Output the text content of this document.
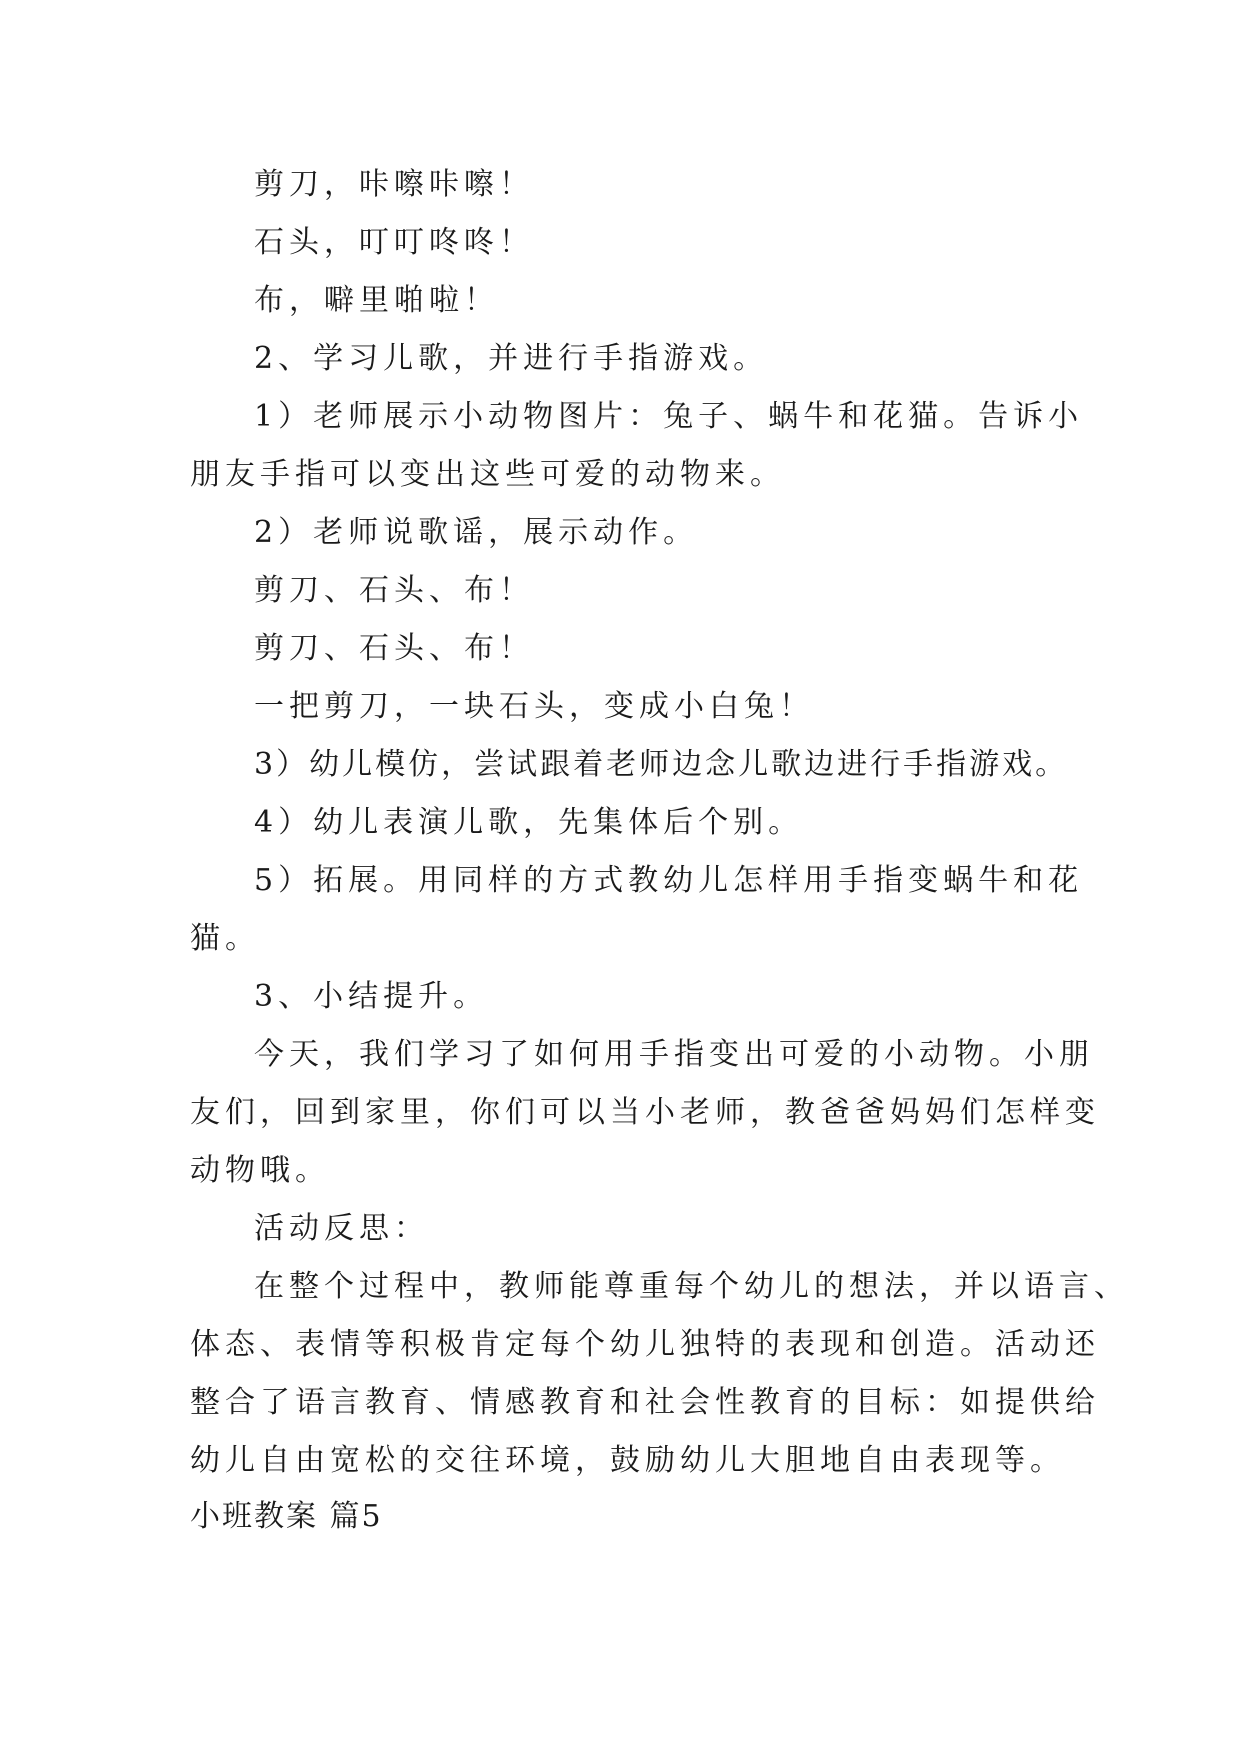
剪刀，咔嚓咔嚓！
石头，叮叮咚咚！
布，噼里啪啦！
2、学习儿歌，并进行手指游戏。
1）老师展示小动物图片：兔子、蜗牛和花猫。告诉小
朋友手指可以变出这些可爱的动物来。
2）老师说歌谣，展示动作。
剪刀、石头、布！
剪刀、石头、布！
一把剪刀，一块石头，变成小白兔！
3）幼儿模仿，尝试跟着老师边念儿歌边进行手指游戏。
4）幼儿表演儿歌，先集体后个别。
5）拓展。用同样的方式教幼儿怎样用手指变蜗牛和花
猫。
3、小结提升。
今天，我们学习了如何用手指变出可爱的小动物。小朋
友们，回到家里，你们可以当小老师，教爸爸妈妈们怎样变
动物哦。
活动反思：
在整个过程中，教师能尊重每个幼儿的想法，并以语言、
体态、表情等积极肯定每个幼儿独特的表现和创造。活动还
整合了语言教育、情感教育和社会性教育的目标：如提供给
幼儿自由宽松的交往环境，鼓励幼儿大胆地自由表现等。
小班教案 篇5
